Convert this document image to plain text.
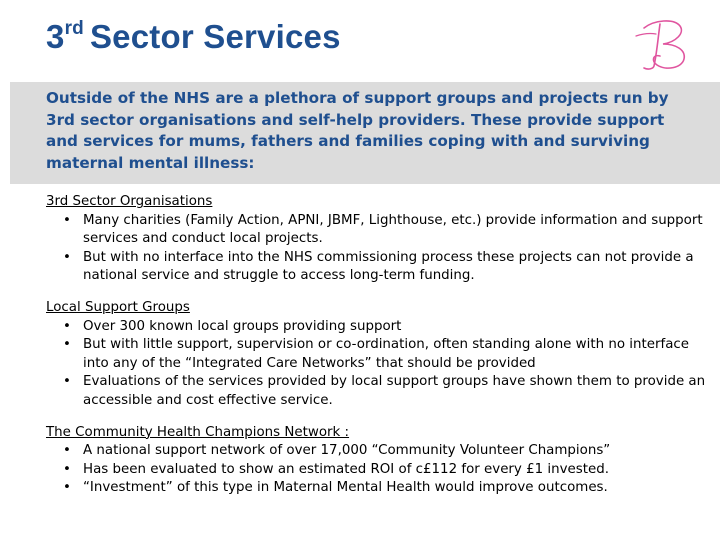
3rd Sector Services

Outside of the NHS are a plethora of support groups and projects run by 3rd sector organisations and self-help providers. These provide support and services for mums, fathers and families coping with and surviving maternal mental illness:

3rd Sector Organisations
• Many charities (Family Action, APNI, JBMF, Lighthouse, etc.) provide information and support services and conduct local projects.
• But with no interface into the NHS commissioning process these projects can not provide a national service and struggle to access long-term funding.
Local Support Groups
• Over 300 known local groups providing support
• But with little support, supervision or co-ordination, often standing alone with no interface into any of the “Integrated Care Networks” that should be provided
• Evaluations of the services provided by local support groups have shown them to provide an accessible and cost effective service.
The Community Health Champions Network :
• A national support network of over 17,000 “Community Volunteer Champions”
• Has been evaluated to show an estimated ROI of c£112 for every £1 invested.
• “Investment” of this type in Maternal Mental Health would improve outcomes.
